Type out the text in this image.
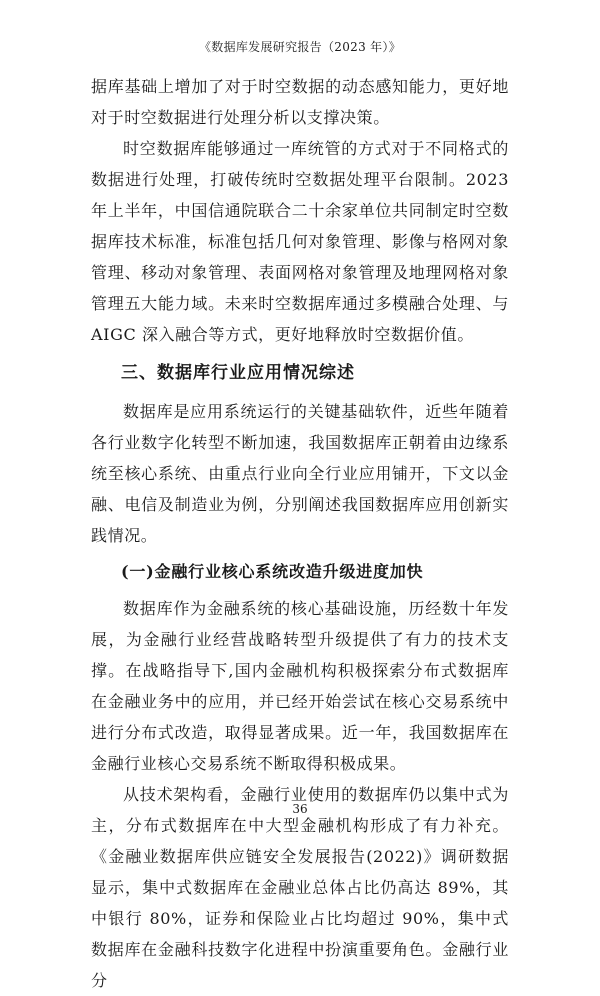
《数据库发展研究报告（2023 年）》

据库基础上增加了对于时空数据的动态感知能力，更好地对于时空数据进行处理分析以支撑决策。

时空数据库能够通过一库统管的方式对于不同格式的数据进行处理，打破传统时空数据处理平台限制。2023 年上半年，中国信通院联合二十余家单位共同制定时空数据库技术标准，标准包括几何对象管理、影像与格网对象管理、移动对象管理、表面网格对象管理及地理网格对象管理五大能力域。未来时空数据库通过多模融合处理、与 AIGC 深入融合等方式，更好地释放时空数据价值。

三、数据库行业应用情况综述

数据库是应用系统运行的关键基础软件，近些年随着各行业数字化转型不断加速，我国数据库正朝着由边缘系统至核心系统、由重点行业向全行业应用铺开，下文以金融、电信及制造业为例，分别阐述我国数据库应用创新实践情况。

(一)金融行业核心系统改造升级进度加快

数据库作为金融系统的核心基础设施，历经数十年发展，为金融行业经营战略转型升级提供了有力的技术支撑。在战略指导下,国内金融机构积极探索分布式数据库在金融业务中的应用，并已经开始尝试在核心交易系统中进行分布式改造，取得显著成果。近一年，我国数据库在金融行业核心交易系统不断取得积极成果。

从技术架构看，金融行业使用的数据库仍以集中式为主，分布式数据库在中大型金融机构形成了有力补充。《金融业数据库供应链安全发展报告(2022)》调研数据显示，集中式数据库在金融业总体占比仍高达 89%，其中银行 80%，证券和保险业占比均超过 90%，集中式数据库在金融科技数字化进程中扮演重要角色。金融行业分

36
